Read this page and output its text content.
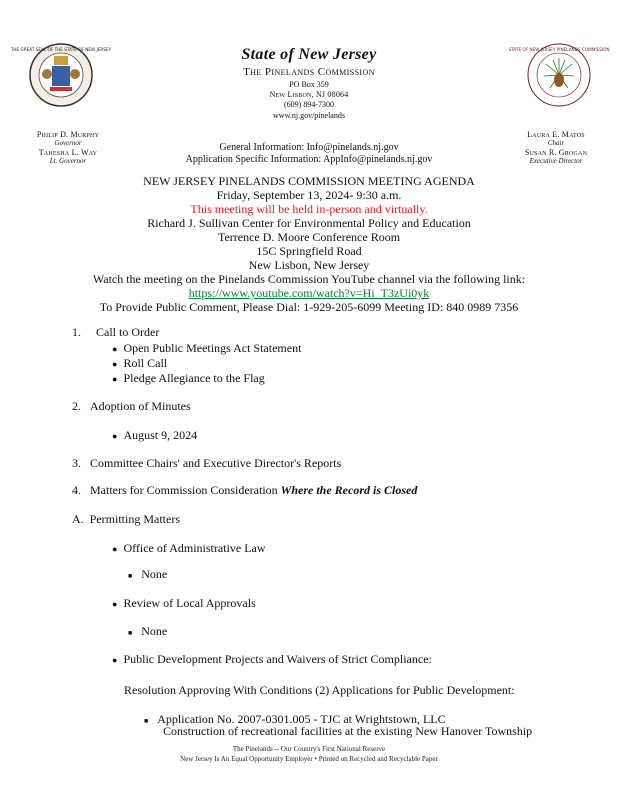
THE GREAT SEAL OF THE STATE OF NEW JERSEY	STATE OF NEW JERSEY PINELANDS COMMISSION
State of New Jersey
The Pinelands Commission
PO Box 359
New Lisbon, NJ 08064
(609) 894-7300
www.nj.gov/pinelands
Philip D. Murphy
Governor
Tahesha L. Way
Lt. Governor
Laura E. Matos
Chair
Susan R. Grogan
Executive Director
General Information: Info@pinelands.nj.gov
Application Specific Information: AppInfo@pinelands.nj.gov
NEW JERSEY PINELANDS COMMISSION MEETING AGENDA
Friday, September 13, 2024- 9:30 a.m.
This meeting will be held in-person and virtually.
Richard J. Sullivan Center for Environmental Policy and Education
Terrence D. Moore Conference Room
15C Springfield Road
New Lisbon, New Jersey
Watch the meeting on the Pinelands Commission YouTube channel via the following link:
https://www.youtube.com/watch?v=Hi_T3zUi0yk
To Provide Public Comment, Please Dial: 1-929-205-6099 Meeting ID: 840 0989 7356
1. Call to Order
● Open Public Meetings Act Statement
● Roll Call
● Pledge Allegiance to the Flag
2. Adoption of Minutes
● August 9, 2024
3. Committee Chairs' and Executive Director's Reports
4. Matters for Commission Consideration Where the Record is Closed
A. Permitting Matters
● Office of Administrative Law
■ None
● Review of Local Approvals
■ None
● Public Development Projects and Waivers of Strict Compliance:
Resolution Approving With Conditions (2) Applications for Public Development:
■ Application No. 2007-0301.005 - TJC at Wrightstown, LLC
Construction of recreational facilities at the existing New Hanover Township
The Pinelands -- Our Country's First National Reserve
New Jersey Is An Equal Opportunity Employer • Printed on Recycled and Recyclable Paper
